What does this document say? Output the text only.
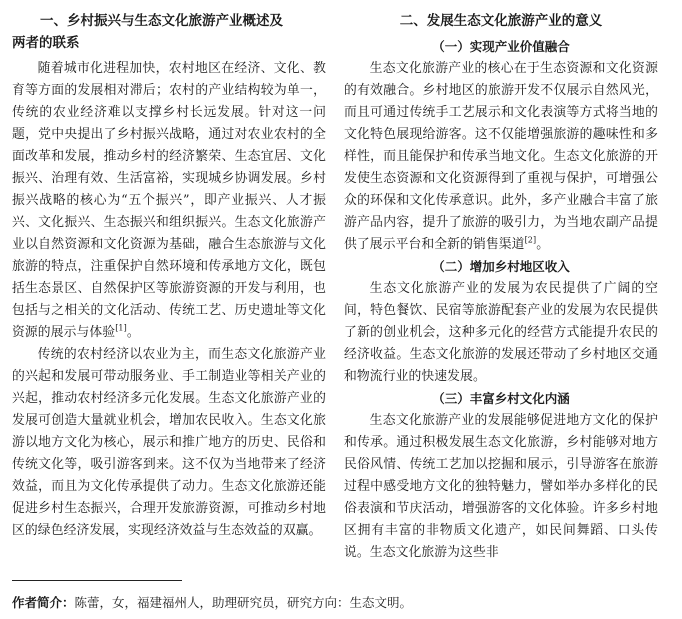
一、乡村振兴与生态文化旅游产业概述及
两者的联系

随着城市化进程加快，农村地区在经济、文化、教育等方面的发展相对滞后；农村的产业结构较为单一，传统的农业经济难以支撑乡村长远发展。针对这一问题，党中央提出了乡村振兴战略，通过对农业农村的全面改革和发展，推动乡村的经济繁荣、生态宜居、文化振兴、治理有效、生活富裕，实现城乡协调发展。乡村振兴战略的核心为“五个振兴”，即产业振兴、人才振兴、文化振兴、生态振兴和组织振兴。生态文化旅游产业以自然资源和文化资源为基础，融合生态旅游与文化旅游的特点，注重保护自然环境和传承地方文化，既包括生态景区、自然保护区等旅游资源的开发与利用，也包括与之相关的文化活动、传统工艺、历史遗址等文化资源的展示与体验[1]。

传统的农村经济以农业为主，而生态文化旅游产业的兴起和发展可带动服务业、手工制造业等相关产业的兴起，推动农村经济多元化发展。生态文化旅游产业的发展可创造大量就业机会，增加农民收入。生态文化旅游以地方文化为核心，展示和推广地方的历史、民俗和传统文化等，吸引游客到来。这不仅为当地带来了经济效益，而且为文化传承提供了动力。生态文化旅游还能促进乡村生态振兴，合理开发旅游资源，可推动乡村地区的绿色经济发展，实现经济效益与生态效益的双赢。

二、发展生态文化旅游产业的意义
（一）实现产业价值融合

生态文化旅游产业的核心在于生态资源和文化资源的有效融合。乡村地区的旅游开发不仅展示自然风光，而且可通过传统手工艺展示和文化表演等方式将当地的文化特色展现给游客。这不仅能增强旅游的趣味性和多样性，而且能保护和传承当地文化。生态文化旅游的开发使生态资源和文化资源得到了重视与保护，可增强公众的环保和文化传承意识。此外，多产业融合丰富了旅游产品内容，提升了旅游的吸引力，为当地农副产品提供了展示平台和全新的销售渠道[2]。

（二）增加乡村地区收入

生态文化旅游产业的发展为农民提供了广阔的空间，特色餐饮、民宿等旅游配套产业的发展为农民提供了新的创业机会，这种多元化的经营方式能提升农民的经济收益。生态文化旅游的发展还带动了乡村地区交通和物流行业的快速发展。

（三）丰富乡村文化内涵

生态文化旅游产业的发展能够促进地方文化的保护和传承。通过积极发展生态文化旅游，乡村能够对地方民俗风情、传统工艺加以挖掘和展示，引导游客在旅游过程中感受地方文化的独特魅力，譬如举办多样化的民俗表演和节庆活动，增强游客的文化体验。许多乡村地区拥有丰富的非物质文化遗产，如民间舞蹈、口头传说。生态文化旅游为这些非

作者简介：陈蕾，女，福建福州人，助理研究员，研究方向：生态文明。
